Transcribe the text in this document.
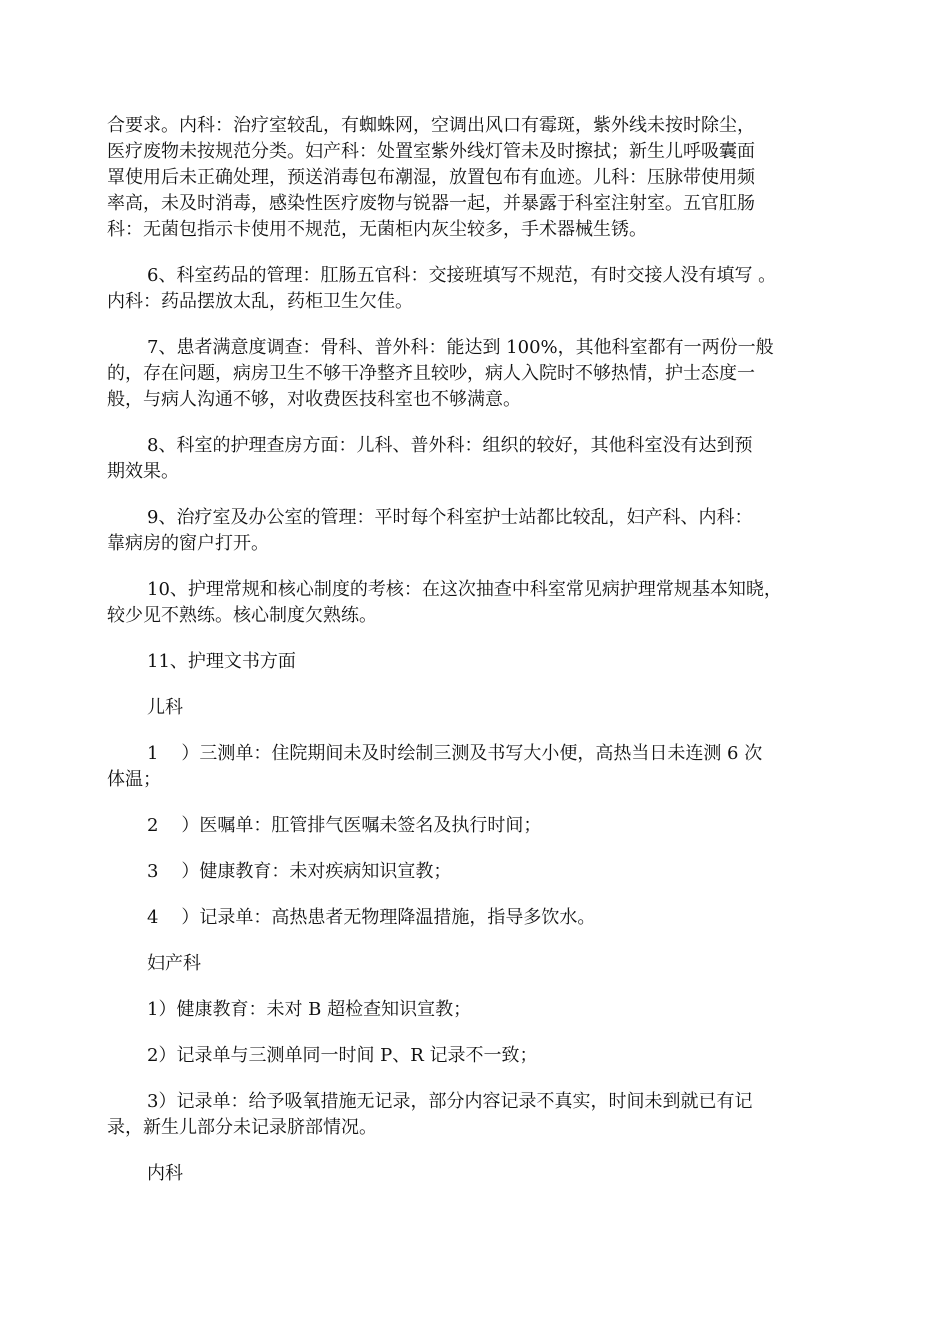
合要求。内科：治疗室较乱，有蜘蛛网，空调出风口有霉斑，紫外线未按时除尘，
医疗废物未按规范分类。妇产科：处置室紫外线灯管未及时擦拭；新生儿呼吸囊面
罩使用后未正确处理，预送消毒包布潮湿，放置包布有血迹。儿科：压脉带使用频
率高，未及时消毒，感染性医疗废物与锐器一起，并暴露于科室注射室。五官肛肠
科：无菌包指示卡使用不规范，无菌柜内灰尘较多，手术器械生锈。

6、科室药品的管理：肛肠五官科：交接班填写不规范，有时交接人没有填写 。
内科：药品摆放太乱，药柜卫生欠佳。

7、患者满意度调查：骨科、普外科：能达到 100%，其他科室都有一两份一般
的，存在问题，病房卫生不够干净整齐且较吵，病人入院时不够热情，护士态度一
般，与病人沟通不够，对收费医技科室也不够满意。

8、科室的护理查房方面：儿科、普外科：组织的较好，其他科室没有达到预
期效果。

9、治疗室及办公室的管理：平时每个科室护士站都比较乱，妇产科、内科：
靠病房的窗户打开。

10、护理常规和核心制度的考核：在这次抽查中科室常见病护理常规基本知晓，
较少见不熟练。核心制度欠熟练。

11、护理文书方面

儿科

1    ）三测单：住院期间未及时绘制三测及书写大小便，高热当日未连测 6 次
体温；

2    ）医嘱单：肛管排气医嘱未签名及执行时间；

3    ）健康教育：未对疾病知识宣教；

4    ）记录单：高热患者无物理降温措施，指导多饮水。

妇产科

1）健康教育：未对 B 超检查知识宣教；

2）记录单与三测单同一时间 P、R 记录不一致；

3）记录单：给予吸氧措施无记录，部分内容记录不真实，时间未到就已有记
录，新生儿部分未记录脐部情况。

内科
